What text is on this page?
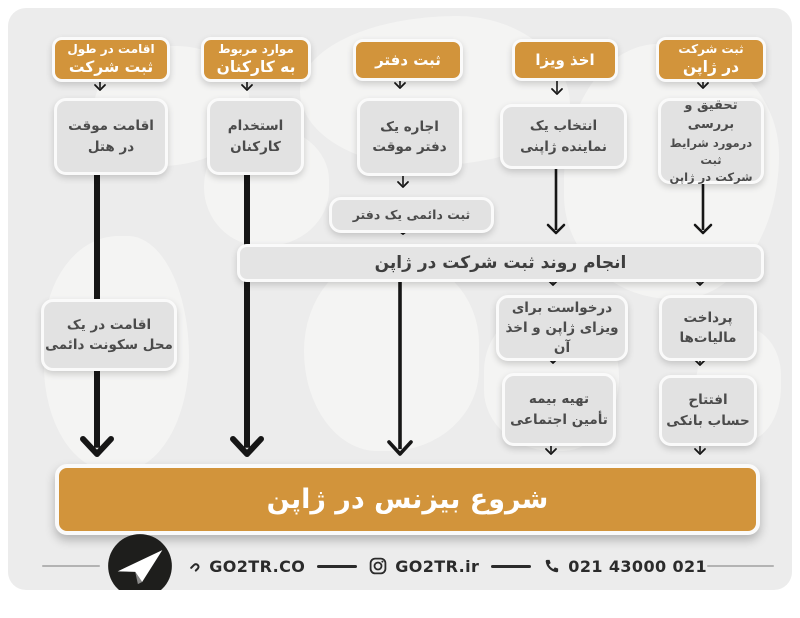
اقامت در طول
ثبت شرکت
اقامت موقت
در هتل
اقامت در یک
محل سکونت دائمی
موارد مربوط
به کارکنان
استخدام
کارکنان
ثبت دفتر
اجاره یک
دفتر موقت
ثبت دائمی یک دفتر
اخذ ویزا
انتخاب یک
نماینده ژاپنی
درخواست برای
ویزای ژاپن و اخذ آن
تهیه بیمه
تأمین اجتماعی
ثبت شرکت
در ژاپن
تحقیق و بررسی
درمورد شرایط ثبت
شرکت در ژاپن
پرداخت
مالیات‌ها
افتتاح
حساب بانکی
انجام روند ثبت شرکت در ژاپن
شروع بیزنس در ژاپن
GO2TR.CO	GO2TR.ir	021 43000 021
